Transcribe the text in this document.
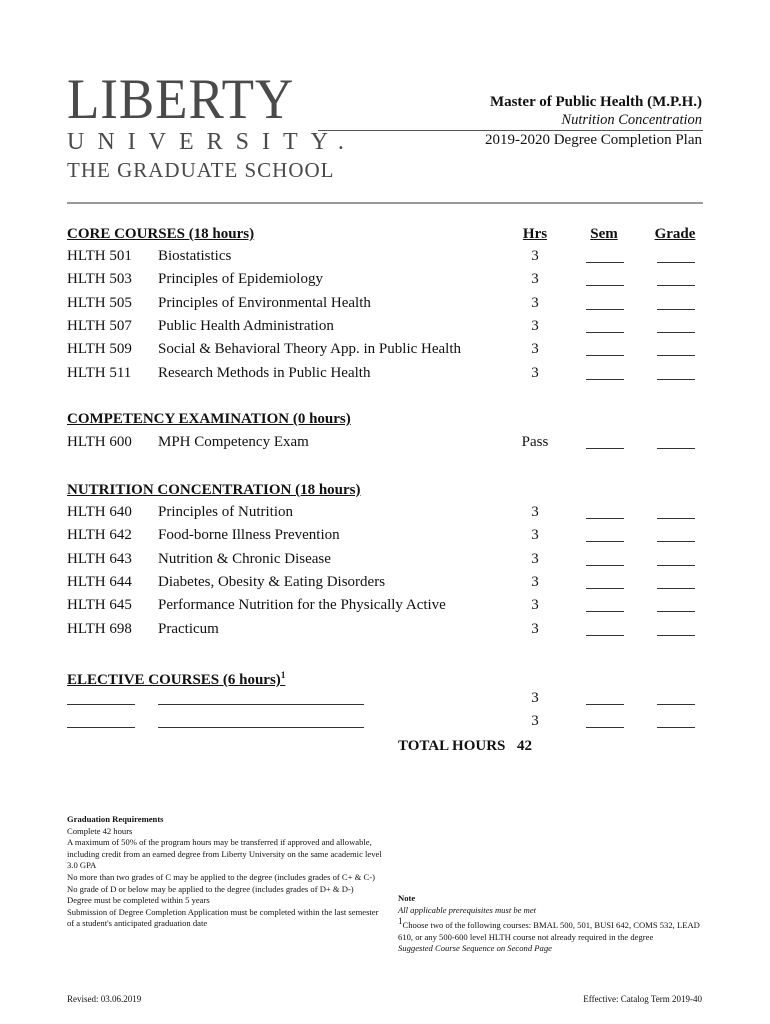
LIBERTY
UNIVERSITY.
THE GRADUATE SCHOOL
Master of Public Health (M.P.H.)
Nutrition Concentration
2019-2020 Degree Completion Plan
Hrs	Sem	Grade
CORE COURSES (18 hours)
HLTH 501 Biostatistics	3
HLTH 503 Principles of Epidemiology	3
HLTH 505 Principles of Environmental Health	3
HLTH 507 Public Health Administration	3
HLTH 509 Social & Behavioral Theory App. in Public Health	3
HLTH 511 Research Methods in Public Health	3
COMPETENCY EXAMINATION (0 hours)
HLTH 600 MPH Competency Exam	Pass
NUTRITION CONCENTRATION (18 hours)
HLTH 640 Principles of Nutrition	3
HLTH 642 Food-borne Illness Prevention	3
HLTH 643 Nutrition & Chronic Disease	3
HLTH 644 Diabetes, Obesity & Eating Disorders	3
HLTH 645 Performance Nutrition for the Physically Active	3
HLTH 698 Practicum	3
ELECTIVE COURSES (6 hours)$^1$
3
3
TOTAL HOURS 42
Graduation Requirements
Complete 42 hours
A maximum of 50% of the program hours may be transferred if approved and allowable, including credit from an earned degree from Liberty University on the same academic level
3.0 GPA
No more than two grades of C may be applied to the degree (includes grades of C+ & C-)
No grade of D or below may be applied to the degree (includes grades of D+ & D-)
Degree must be completed within 5 years
Submission of Degree Completion Application must be completed within the last semester of a student's anticipated graduation date
Note
All applicable prerequisites must be met
$^1$Choose two of the following courses: BMAL 500, 501, BUSI 642, COMS 532, LEAD 610, or any 500-600 level HLTH course not already required in the degree
Suggested Course Sequence on Second Page
Revised: 03.06.2019	Effective: Catalog Term 2019-40
